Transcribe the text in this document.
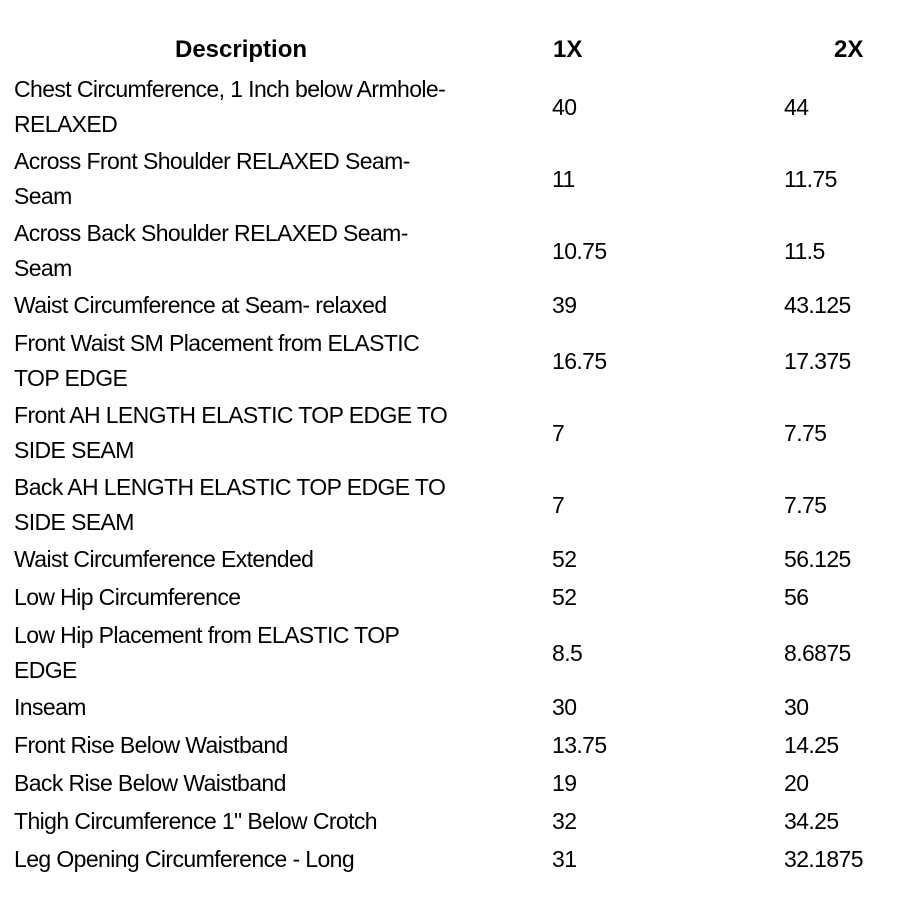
Description	1X	2X
Chest Circumference, 1 Inch below Armhole-
RELAXED
40	44
Across Front Shoulder RELAXED Seam-
Seam
11	11.75
Across Back Shoulder RELAXED Seam-
Seam
10.75	11.5
Waist Circumference at Seam- relaxed	39	43.125
Front Waist SM Placement from ELASTIC
TOP EDGE
16.75	17.375
Front AH LENGTH ELASTIC TOP EDGE TO
SIDE SEAM
7	7.75
Back AH LENGTH ELASTIC TOP EDGE TO
SIDE SEAM
7	7.75
Waist Circumference Extended	52	56.125
Low Hip Circumference	52	56
Low Hip Placement from ELASTIC TOP
EDGE
8.5	8.6875
Inseam	30	30
Front Rise Below Waistband	13.75	14.25
Back Rise Below Waistband	19	20
Thigh Circumference 1" Below Crotch	32	34.25
Leg Opening Circumference - Long	31	32.1875
